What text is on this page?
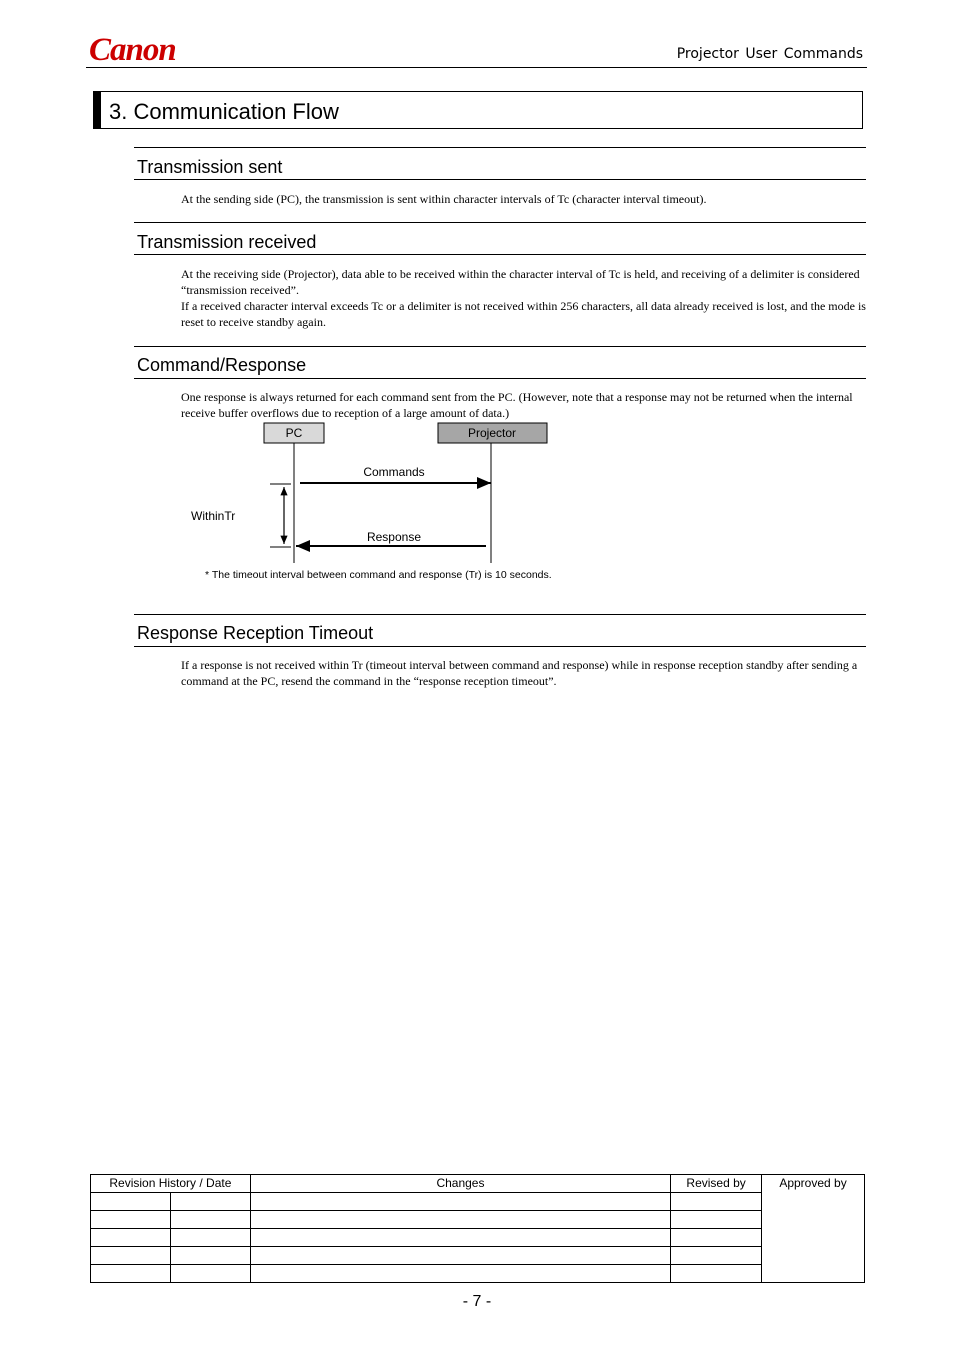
Canon	Projector User Commands
3. Communication Flow
Transmission sent

At the sending side (PC), the transmission is sent within character intervals of Tc (character interval timeout).

Transmission received

At the receiving side (Projector), data able to be received within the character interval of Tc is held, and receiving of a delimiter is considered “transmission received”.

If a received character interval exceeds Tc or a delimiter is not received within 256 characters, all data already received is lost, and the mode is reset to receive standby again.

Command/Response

One response is always returned for each command sent from the PC. (However, note that a response may not be returned when the internal receive buffer overflows due to reception of a large amount of data.)

PC	Projector
Commands
Response
WithinTr
* The timeout interval between command and response (Tr) is 10 seconds.
Response Reception Timeout

If a response is not received within Tr (timeout interval between command and response) while in response reception standby after sending a command at the PC, resend the command in the “response reception timeout”.

Revision History / Date		Changes	Revised by	Approved by

- 7 -
